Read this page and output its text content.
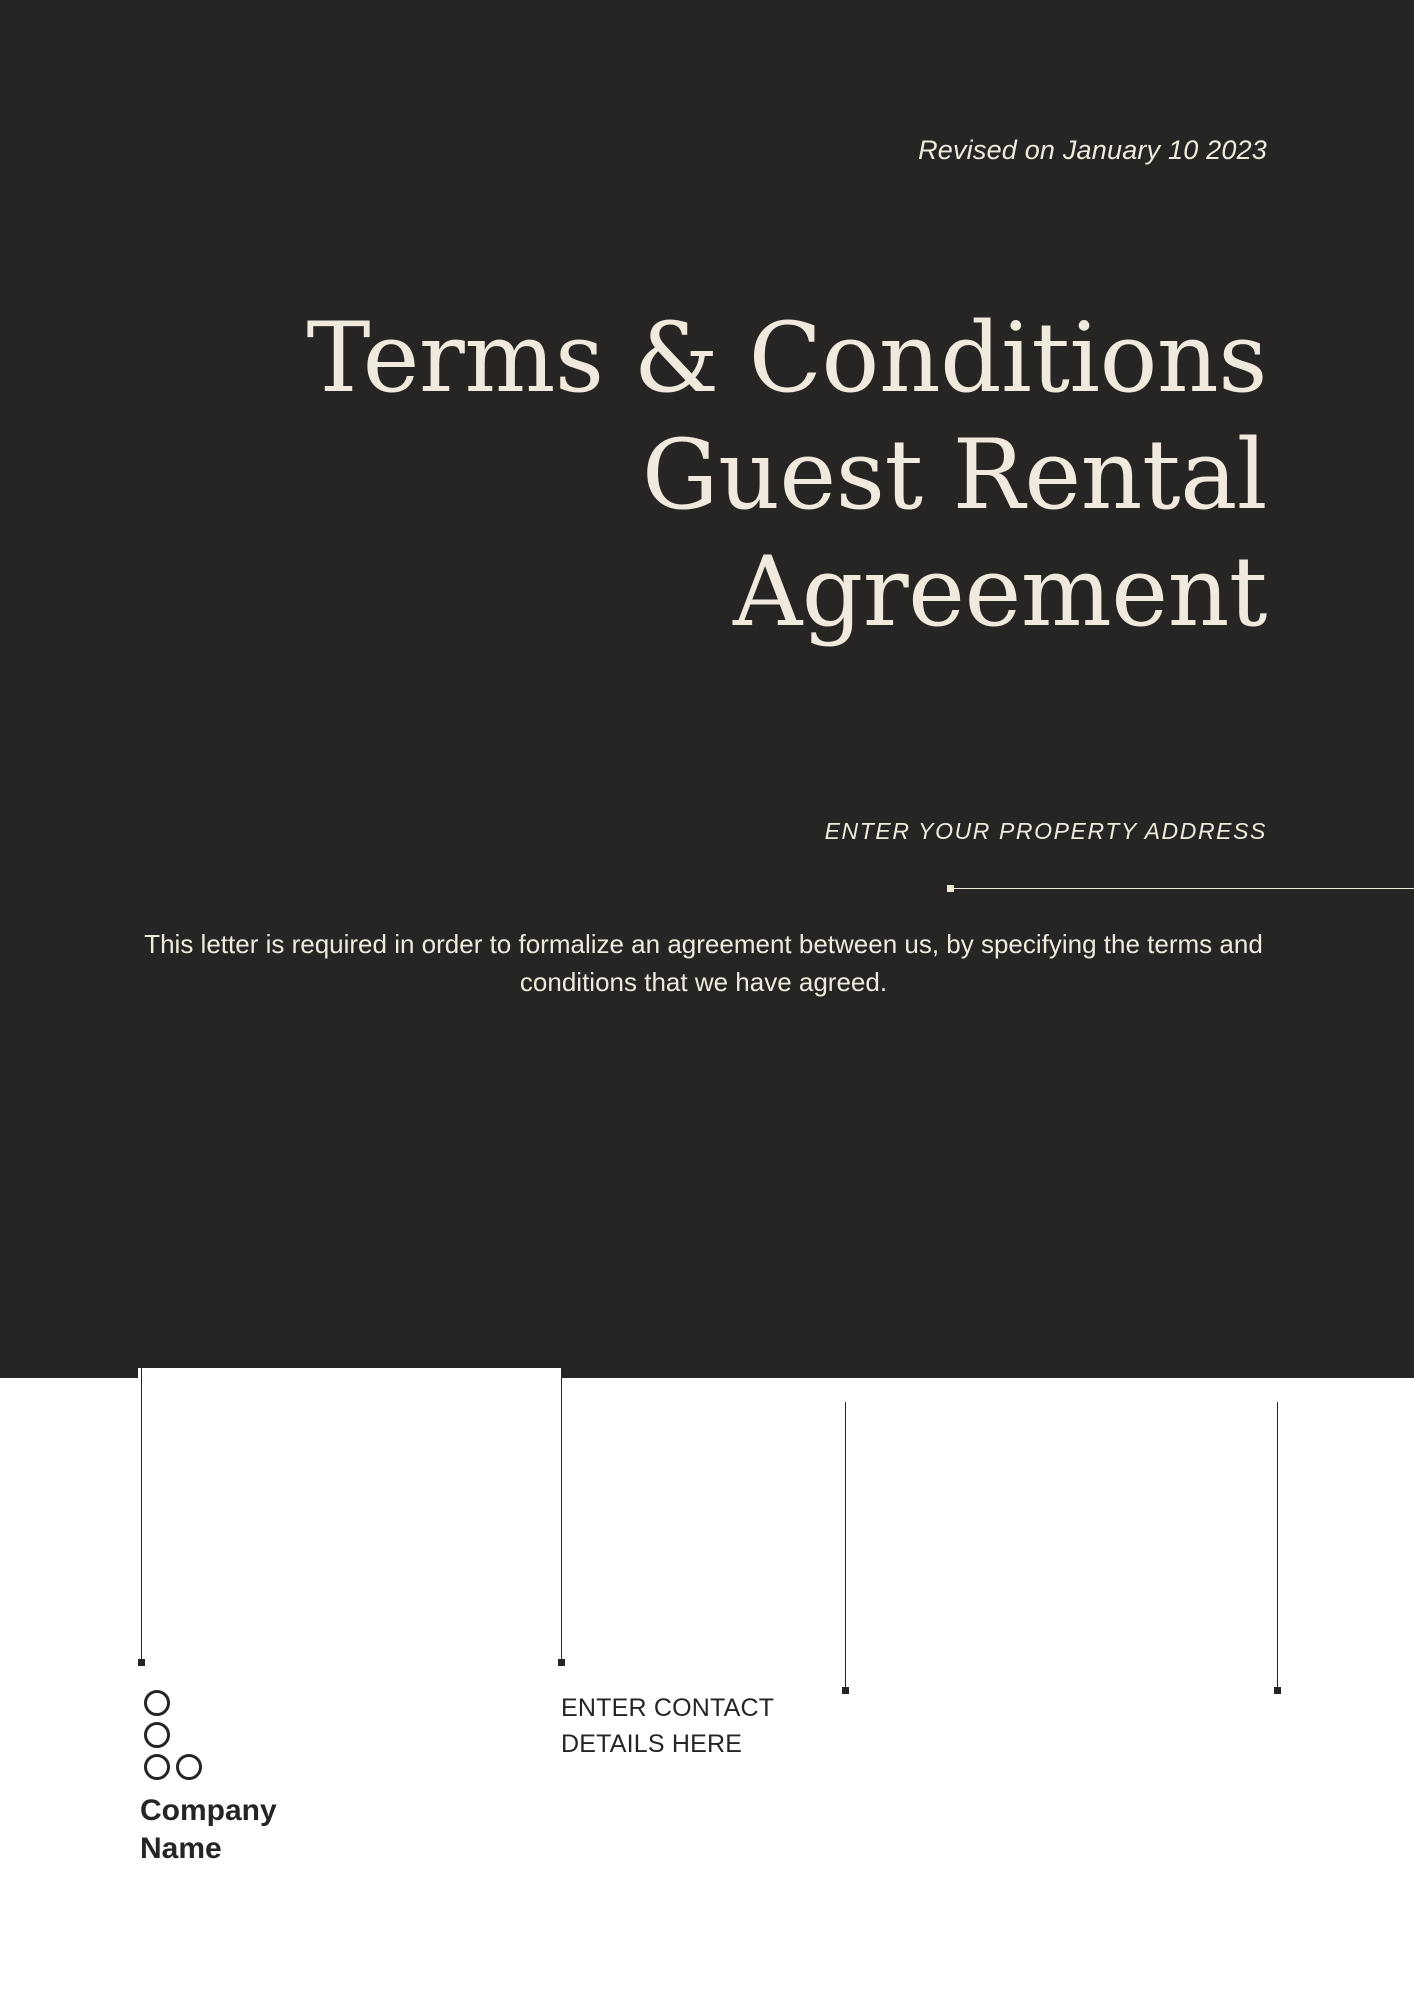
Revised on January 10 2023
Terms & Conditions
Guest Rental
Agreement
ENTER YOUR PROPERTY ADDRESS
This letter is required in order to formalize an agreement between us, by specifying the terms and conditions that we have agreed.
Company Name
ENTER CONTACT DETAILS HERE
